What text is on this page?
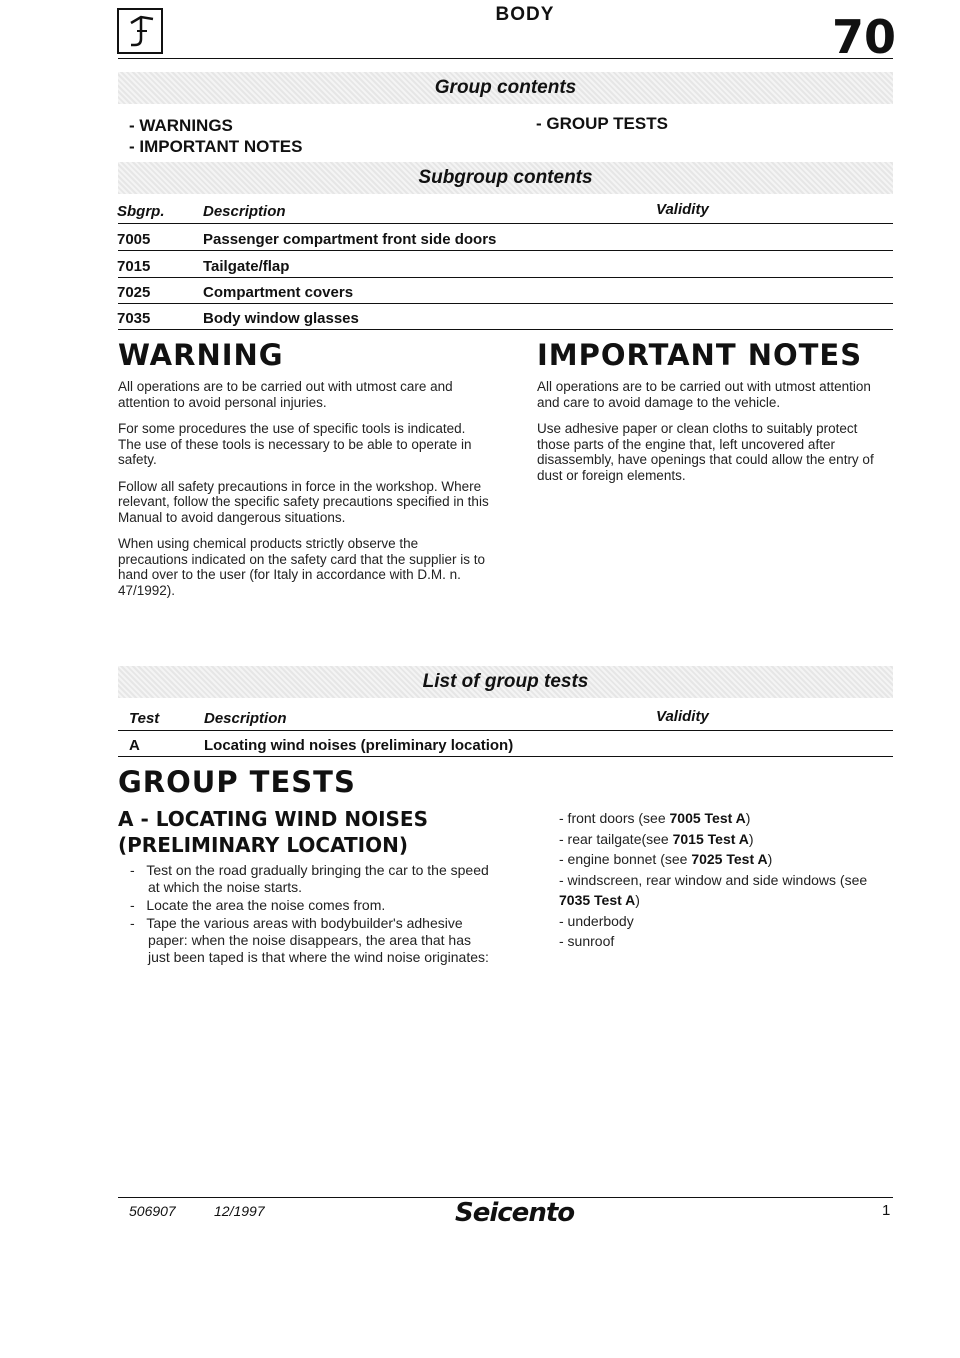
BODY	70
Group contents
- WARNINGS
- IMPORTANT NOTES
- GROUP TESTS
Subgroup contents
Sbgrp.	Description	Validity
7005	Passenger compartment front side doors
7015	Tailgate/flap
7025	Compartment covers
7035	Body window glasses
WARNING

All operations are to be carried out with utmost care and attention to avoid personal injuries.

For some procedures the use of specific tools is indicated. The use of these tools is necessary to be able to operate in safety.

Follow all safety precautions in force in the workshop. Where relevant, follow the specific safety precautions specified in this Manual to avoid dangerous situations.

When using chemical products strictly observe the precautions indicated on the safety card that the supplier is to hand over to the user (for Italy in accordance with D.M. n. 47/1992).

IMPORTANT NOTES

All operations are to be carried out with utmost attention and care to avoid damage to the vehicle.

Use adhesive paper or clean cloths to suitably protect those parts of the engine that, left uncovered after disassembly, have openings that could allow the entry of dust or foreign elements.

List of group tests
Test	Description	Validity
A	Locating wind noises (preliminary location)
GROUP TESTS
A - LOCATING WIND NOISES
(PRELIMINARY LOCATION)
-   Test on the road gradually bringing the car to the speed at which the noise starts.
-   Locate the area the noise comes from.
-   Tape the various areas with bodybuilder's adhesive paper: when the noise disappears, the area that has just been taped is that where the wind noise originates:
- front doors (see 7005 Test A)
- rear tailgate(see 7015 Test A)
- engine bonnet (see 7025 Test A)
- windscreen, rear window and side windows (see 7035 Test A)
- underbody
- sunroof
506907	12/1997	Seicento	1
